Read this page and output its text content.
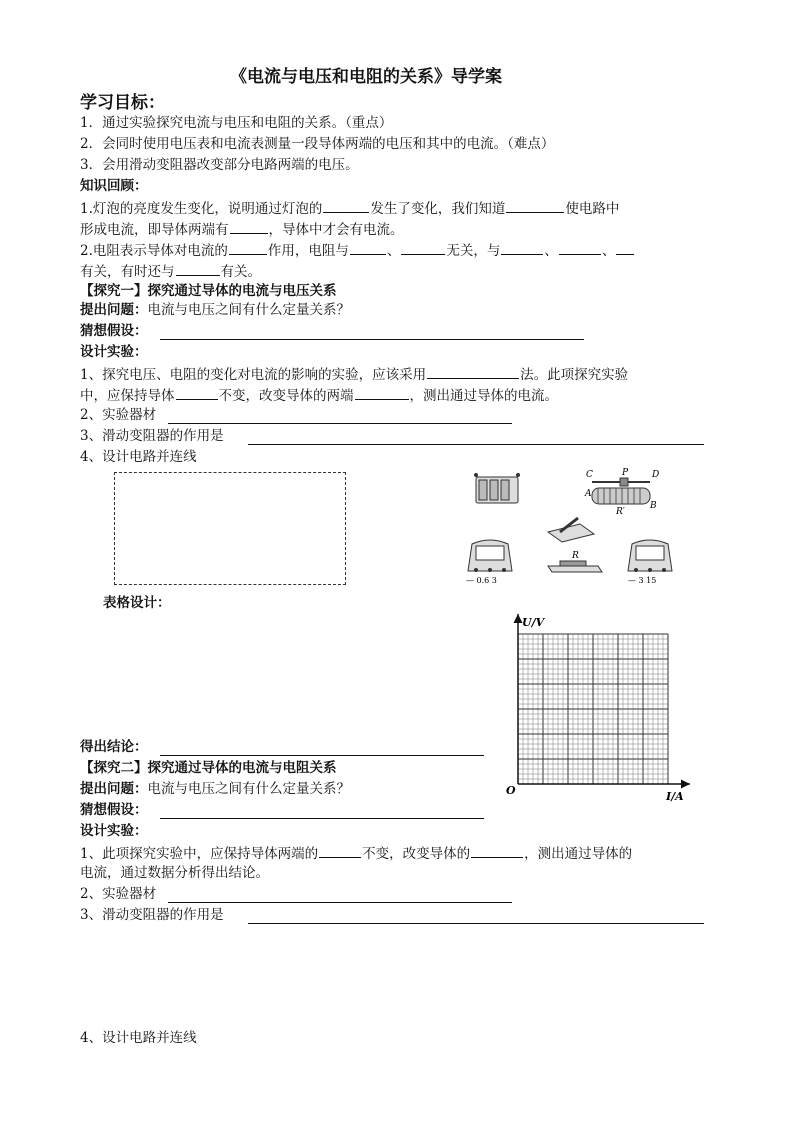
《电流与电压和电阻的关系》导学案
学习目标：
1．通过实验探究电流与电压和电阻的关系。（重点）
2．会同时使用电压表和电流表测量一段导体两端的电压和其中的电流。（难点）
3．会用滑动变阻器改变部分电路两端的电压。
知识回顾：
1.灯泡的亮度发生变化，说明通过灯泡的	发生了变化，我们知道	使电路中
形成电流，即导体两端有	，导体中才会有电流。
2.电阻表示导体对电流的	作用，电阻与	、	无关，与	、	、
有关，有时还与	有关。
【探究一】探究通过导体的电流与电压关系
提出问题：电流与电压之间有什么定量关系？
猜想假设：
设计实验：
1、探究电压、电阻的变化对电流的影响的实验，应该采用	法。此项探究实验
中，应保持导体	不变，改变导体的两端	，测出通过导体的电流。
2、实验器材
3、滑动变阻器的作用是
4、设计电路并连线
C	P	D
A
B
R′
— 0.6 3
R
— 3 15
表格设计：
U/V
I/A
O
得出结论：
【探究二】探究通过导体的电流与电阻关系
提出问题：电流与电压之间有什么定量关系？
猜想假设：
设计实验：
1、此项探究实验中，应保持导体两端的	不变，改变导体的	，测出通过导体的
电流，通过数据分析得出结论。
2、实验器材
3、滑动变阻器的作用是
4、设计电路并连线
